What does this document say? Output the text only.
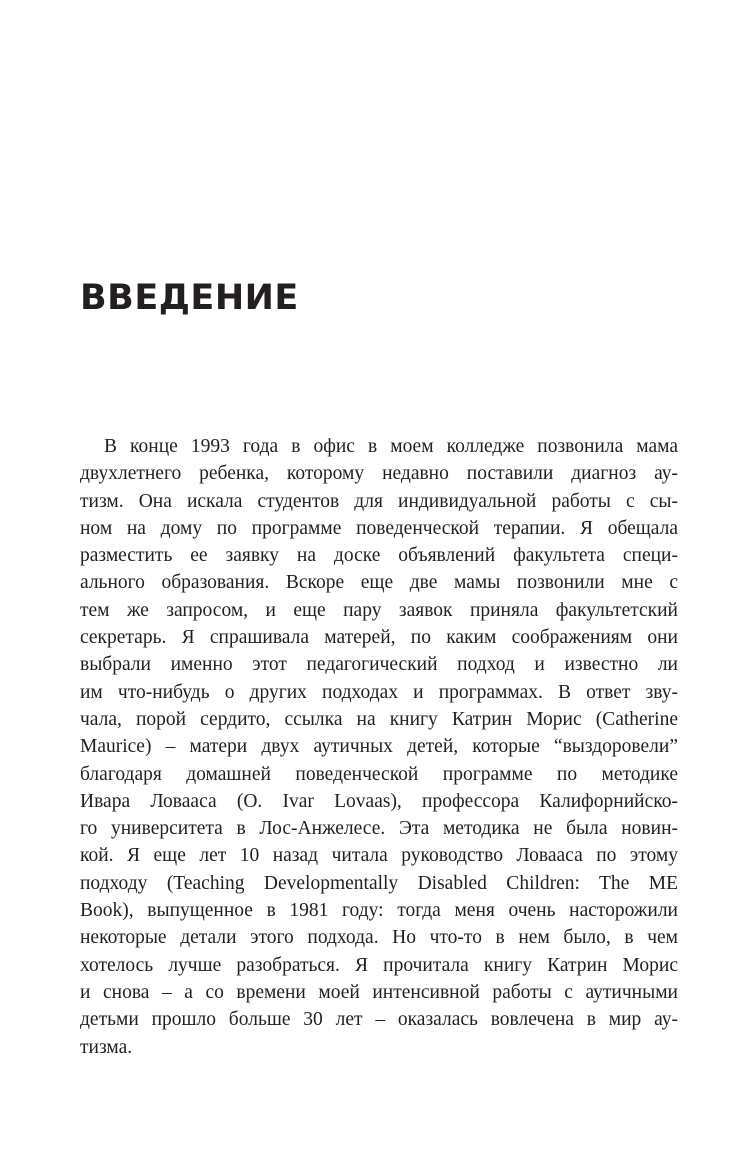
ВВЕДЕНИЕ
В конце 1993 года в офис в моем колледже позвонила мама
двухлетнего ребенка, которому недавно поставили диагноз ау-
тизм. Она искала студентов для индивидуальной работы с сы-
ном на дому по программе поведенческой терапии. Я обещала
разместить ее заявку на доске объявлений факультета специ-
ального образования. Вскоре еще две мамы позвонили мне с
тем же запросом, и еще пару заявок приняла факультетский
секретарь. Я спрашивала матерей, по каким соображениям они
выбрали именно этот педагогический подход и известно ли
им что-нибудь о других подходах и программах. В ответ зву-
чала, порой сердито, ссылка на книгу Катрин Морис (Catherine
Maurice) – матери двух аутичных детей, которые “выздоровели”
благодаря домашней поведенческой программе по методике
Ивара Ловааса (O. Ivar Lovaas), профессора Калифорнийско-
го университета в Лос-Анжелесе. Эта методика не была новин-
кой. Я еще лет 10 назад читала руководство Ловааса по этому
подходу (Teaching Developmentally Disabled Children: The ME
Book), выпущенное в 1981 году: тогда меня очень насторожили
некоторые детали этого подхода. Но что-то в нем было, в чем
хотелось лучше разобраться. Я прочитала книгу Катрин Морис
и снова – а со времени моей интенсивной работы с аутичными
детьми прошло больше 30 лет – оказалась вовлечена в мир ау-
тизма.
